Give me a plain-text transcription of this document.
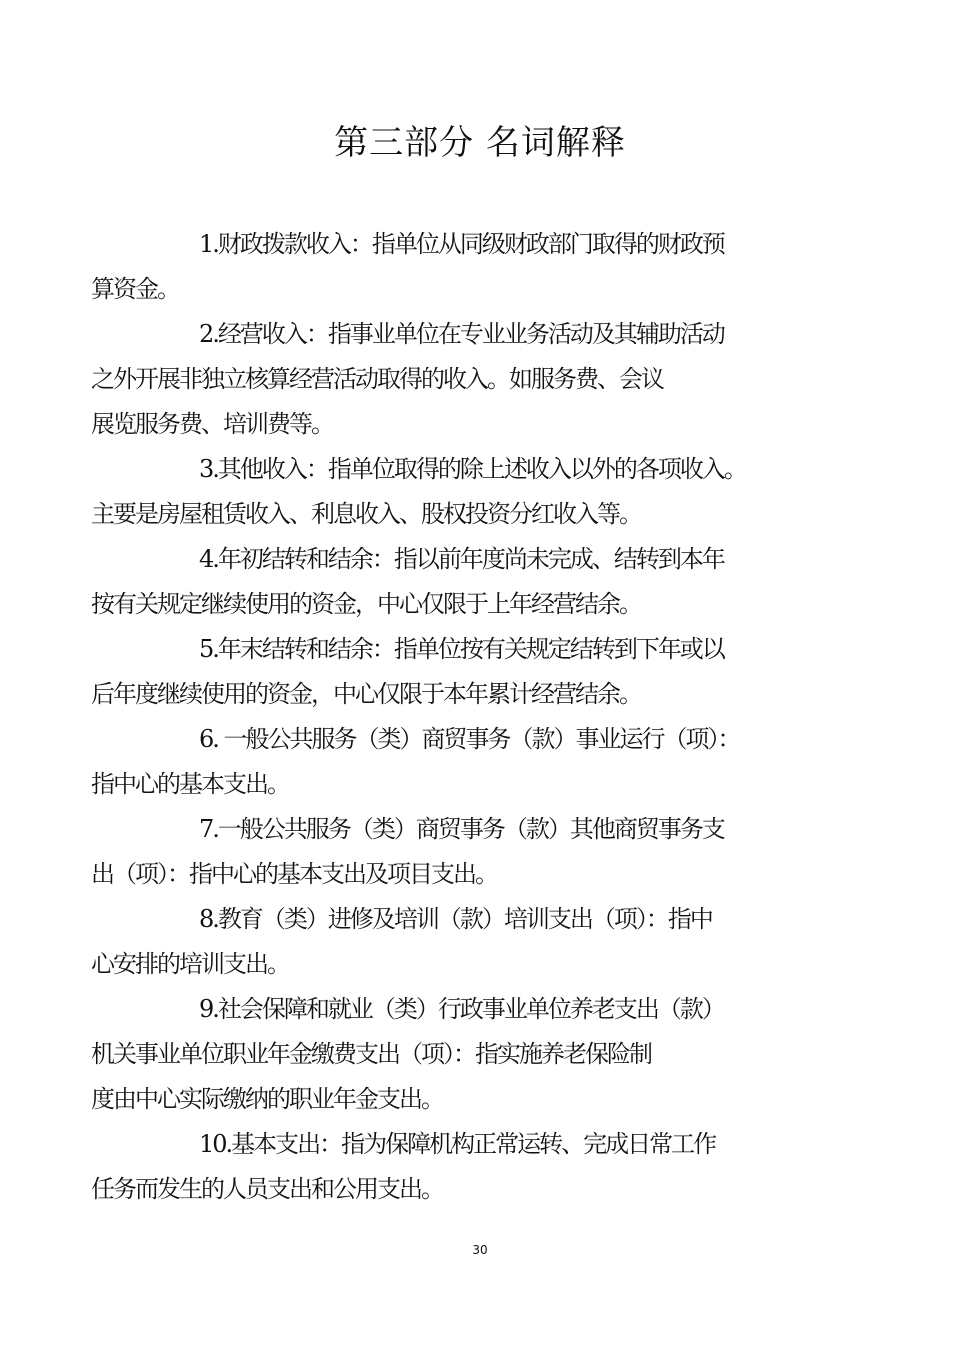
第三部分 名词解释

1.财政拨款收入：指单位从同级财政部门取得的财政预
算资金。

2.经营收入：指事业单位在专业业务活动及其辅助活动
之外开展非独立核算经营活动取得的收入。如服务费、会议
展览服务费、培训费等。

3.其他收入：指单位取得的除上述收入以外的各项收入。
主要是房屋租赁收入、利息收入、股权投资分红收入等。

4.年初结转和结余：指以前年度尚未完成、结转到本年
按有关规定继续使用的资金，中心仅限于上年经营结余。

5.年末结转和结余：指单位按有关规定结转到下年或以
后年度继续使用的资金，中心仅限于本年累计经营结余。

6. 一般公共服务（类）商贸事务（款）事业运行（项）：
指中心的基本支出。

7.一般公共服务（类）商贸事务（款）其他商贸事务支
出（项）：指中心的基本支出及项目支出。

8.教育（类）进修及培训（款）培训支出（项）：指中
心安排的培训支出。

9.社会保障和就业（类）行政事业单位养老支出（款）
机关事业单位职业年金缴费支出（项）：指实施养老保险制
度由中心实际缴纳的职业年金支出。

10.基本支出：指为保障机构正常运转、完成日常工作
任务而发生的人员支出和公用支出。

30
